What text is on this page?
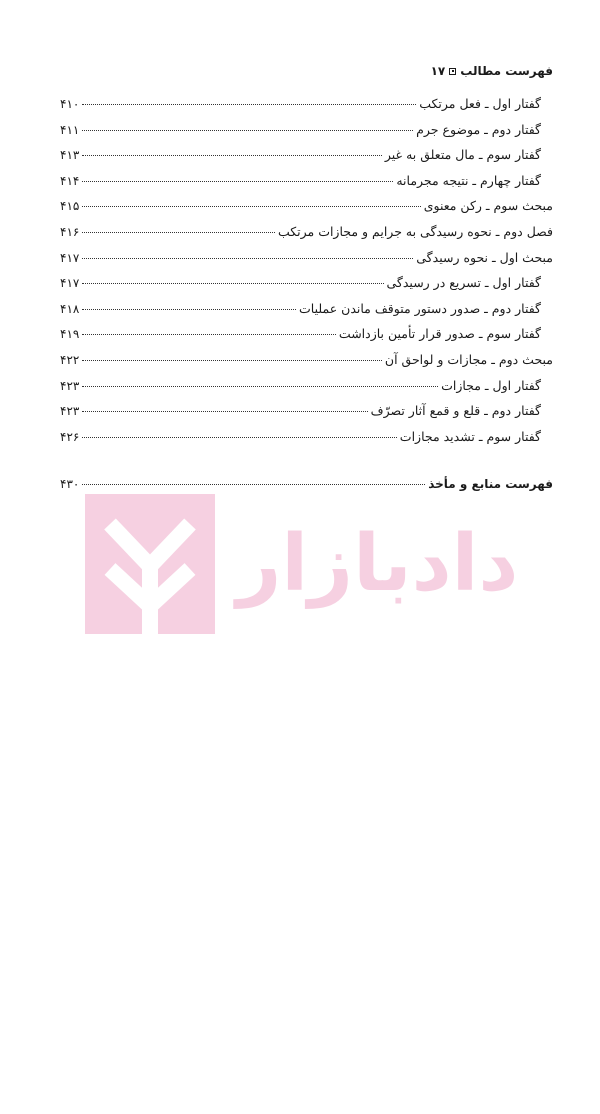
فهرست مطالب
۱۷
گفتار اول ـ فعل مرتکب
۴۱۰
گفتار دوم ـ موضوع جرم
۴۱۱
گفتار سوم ـ مال متعلق به غیر
۴۱۳
گفتار چهارم ـ نتیجه مجرمانه
۴۱۴
مبحث سوم ـ رکن معنوی
۴۱۵
فصل دوم ـ نحوه رسیدگی به جرایم و مجازات مرتکب
۴۱۶
مبحث اول ـ نحوه رسیدگی
۴۱۷
گفتار اول ـ تسریع در رسیدگی
۴۱۷
گفتار دوم ـ صدور دستور متوقف ماندن عملیات
۴۱۸
گفتار سوم ـ صدور قرار تأمین بازداشت
۴۱۹
مبحث دوم ـ مجازات و لواحق آن
۴۲۲
گفتار اول ـ مجازات
۴۲۳
گفتار دوم ـ قلع و قمع آثار تصرّف
۴۲۳
گفتار سوم ـ تشدید مجازات
۴۲۶
فهرست منابع و مأخذ
۴۳۰
دادبازار
